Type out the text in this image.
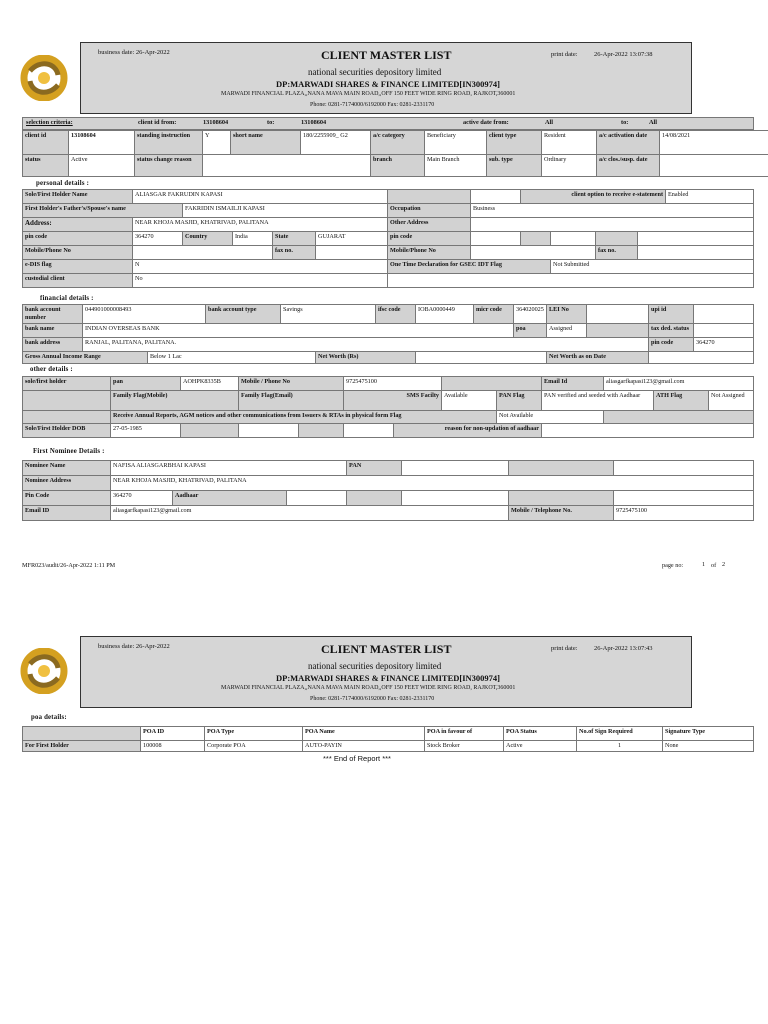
business date: 26-Apr-2022	CLIENT MASTER LIST	print date:	26-Apr-2022 13:07:38
national securities depository limited
DP:MARWADI SHARES & FINANCE LIMITED[IN300974]
MARWADI FINANCIAL PLAZA,,NANA MAVA MAIN ROAD,,OFF 150 FEET WIDE RING ROAD, RAJKOT,360001
Phone: 0281-7174000/6192000 Fax: 0281-2331170
selection criteria:	client id from:	13108604	to:	13108604	active date from:	All	to:	All
client id	13108604	standing instruction	Y	short name	180/2255909_ G2	a/c category	Beneficiary	client type	Resident	a/c activation date	14/08/2021
status	Active	status change reason				branch	Main Branch	sub. type	Ordinary	a/c clos./susp. date	
personal details :
Sole/First Holder Name	ALIASGAR FAKRUDIN KAPASI							client option to receive e-statement				Enabled
First Holder's Father's/Spouse's name		FAKRIDIN ISMAILJI KAPASI				Occupation	Business					
Address:	NEAR KHOJA MASJID, KHATRIVAD, PALITANA					Other Address						
pin code	364270	Country	India	State	GUJARAT	pin code						
Mobile/Phone No				fax no.		Mobile/Phone No				fax no.		
e-DIS flag	N					One Time Declaration for GSEC IDT Flag			Not Submitted			
custodial client	No											
financial details :
bank account number	044901000008493		bank account type	Savings		ifsc code	IOBA0000449	micr code	364020025	LEI No		upi id	
bank name	INDIAN OVERSEAS BANK								poa	Assigned		tax ded. status	
bank address	RANJAL, PALITANA, PALITANA.											pin code	364270
Gross Annual Income Range		Below 1 Lac			Net Worth (Rs)					Net Worth as on Date			
other details :
sole/first holder	pan	AOHPK8335B	Mobile / Phone No		9725475100				Email Id	aliasgarfkapasi123@gmail.com		
	Family Flag(Mobile)		Family Flag(Email)		SMS Facilty		Available	PAN Flag	PAN verified and seeded with Aadhaar		ATH Flag	Not Assigned
	Receive Annual Reports, AGM notices and other communications from Issuers & RTAs in physical form Flag							Not Available				
Sole/First Holder DOB	27-05-1985					reason for non-updation of aadhaar						
First Nominee Details :
Nominee Name	NAFISA ALIASGARBHAI KAPASI			PAN			
Nominee Address	NEAR KHOJA MASJID, KHATRIVAD, PALITANA						
Pin Code	364270	Aadhaar					
Email ID	aliasgarfkapasi123@gmail.com					Mobile / Telephone No.	9725475100
MFR023/audit/26-Apr-2022 1:11 PM	page no:	1 of 2
business date: 26-Apr-2022	CLIENT MASTER LIST	print date:	26-Apr-2022 13:07:43
national securities depository limited
DP:MARWADI SHARES & FINANCE LIMITED[IN300974]
MARWADI FINANCIAL PLAZA,,NANA MAVA MAIN ROAD,,OFF 150 FEET WIDE RING ROAD, RAJKOT,360001
Phone: 0281-7174000/6192000 Fax: 0281-2331170
poa details:
	POA ID	POA Type	POA Name	POA in favour of	POA Status	No.of Sign Required	Signature Type
For First Holder	100008	Corporate POA	AUTO-PAYIN	Stock Broker	Active	1	None
*** End of Report ***
